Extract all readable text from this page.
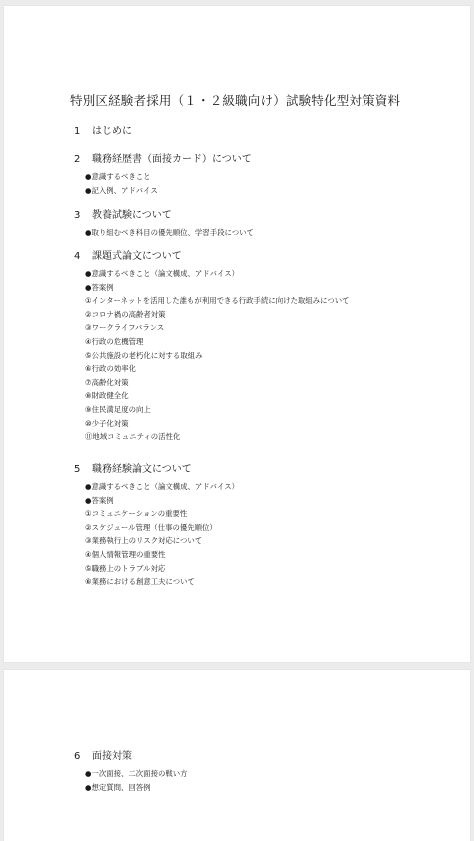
特別区経験者採用（１・２級職向け）試験特化型対策資料
1 はじめに
2 職務経歴書（面接カード）について
●意識するべきこと
●記入例、アドバイス
3 教養試験について
●取り組むべき科目の優先順位、学習手段について
4 課題式論文について
●意識するべきこと（論文構成、アドバイス）
●答案例
①インターネットを活用した誰もが利用できる行政手続に向けた取組みについて
②コロナ禍の高齢者対策
③ワークライフバランス
④行政の危機管理
⑤公共施設の老朽化に対する取組み
⑥行政の効率化
⑦高齢化対策
⑧財政健全化
⑨住民満足度の向上
⑩少子化対策
⑪地域コミュニティの活性化
5 職務経験論文について
●意識するべきこと（論文構成、アドバイス）
●答案例
①コミュニケーションの重要性
②スケジュール管理（仕事の優先順位）
③業務執行上のリスク対応について
④個人情報管理の重要性
⑤職務上のトラブル対応
⑥業務における創意工夫について
6 面接対策
●一次面接、二次面接の戦い方
●想定質問、回答例
